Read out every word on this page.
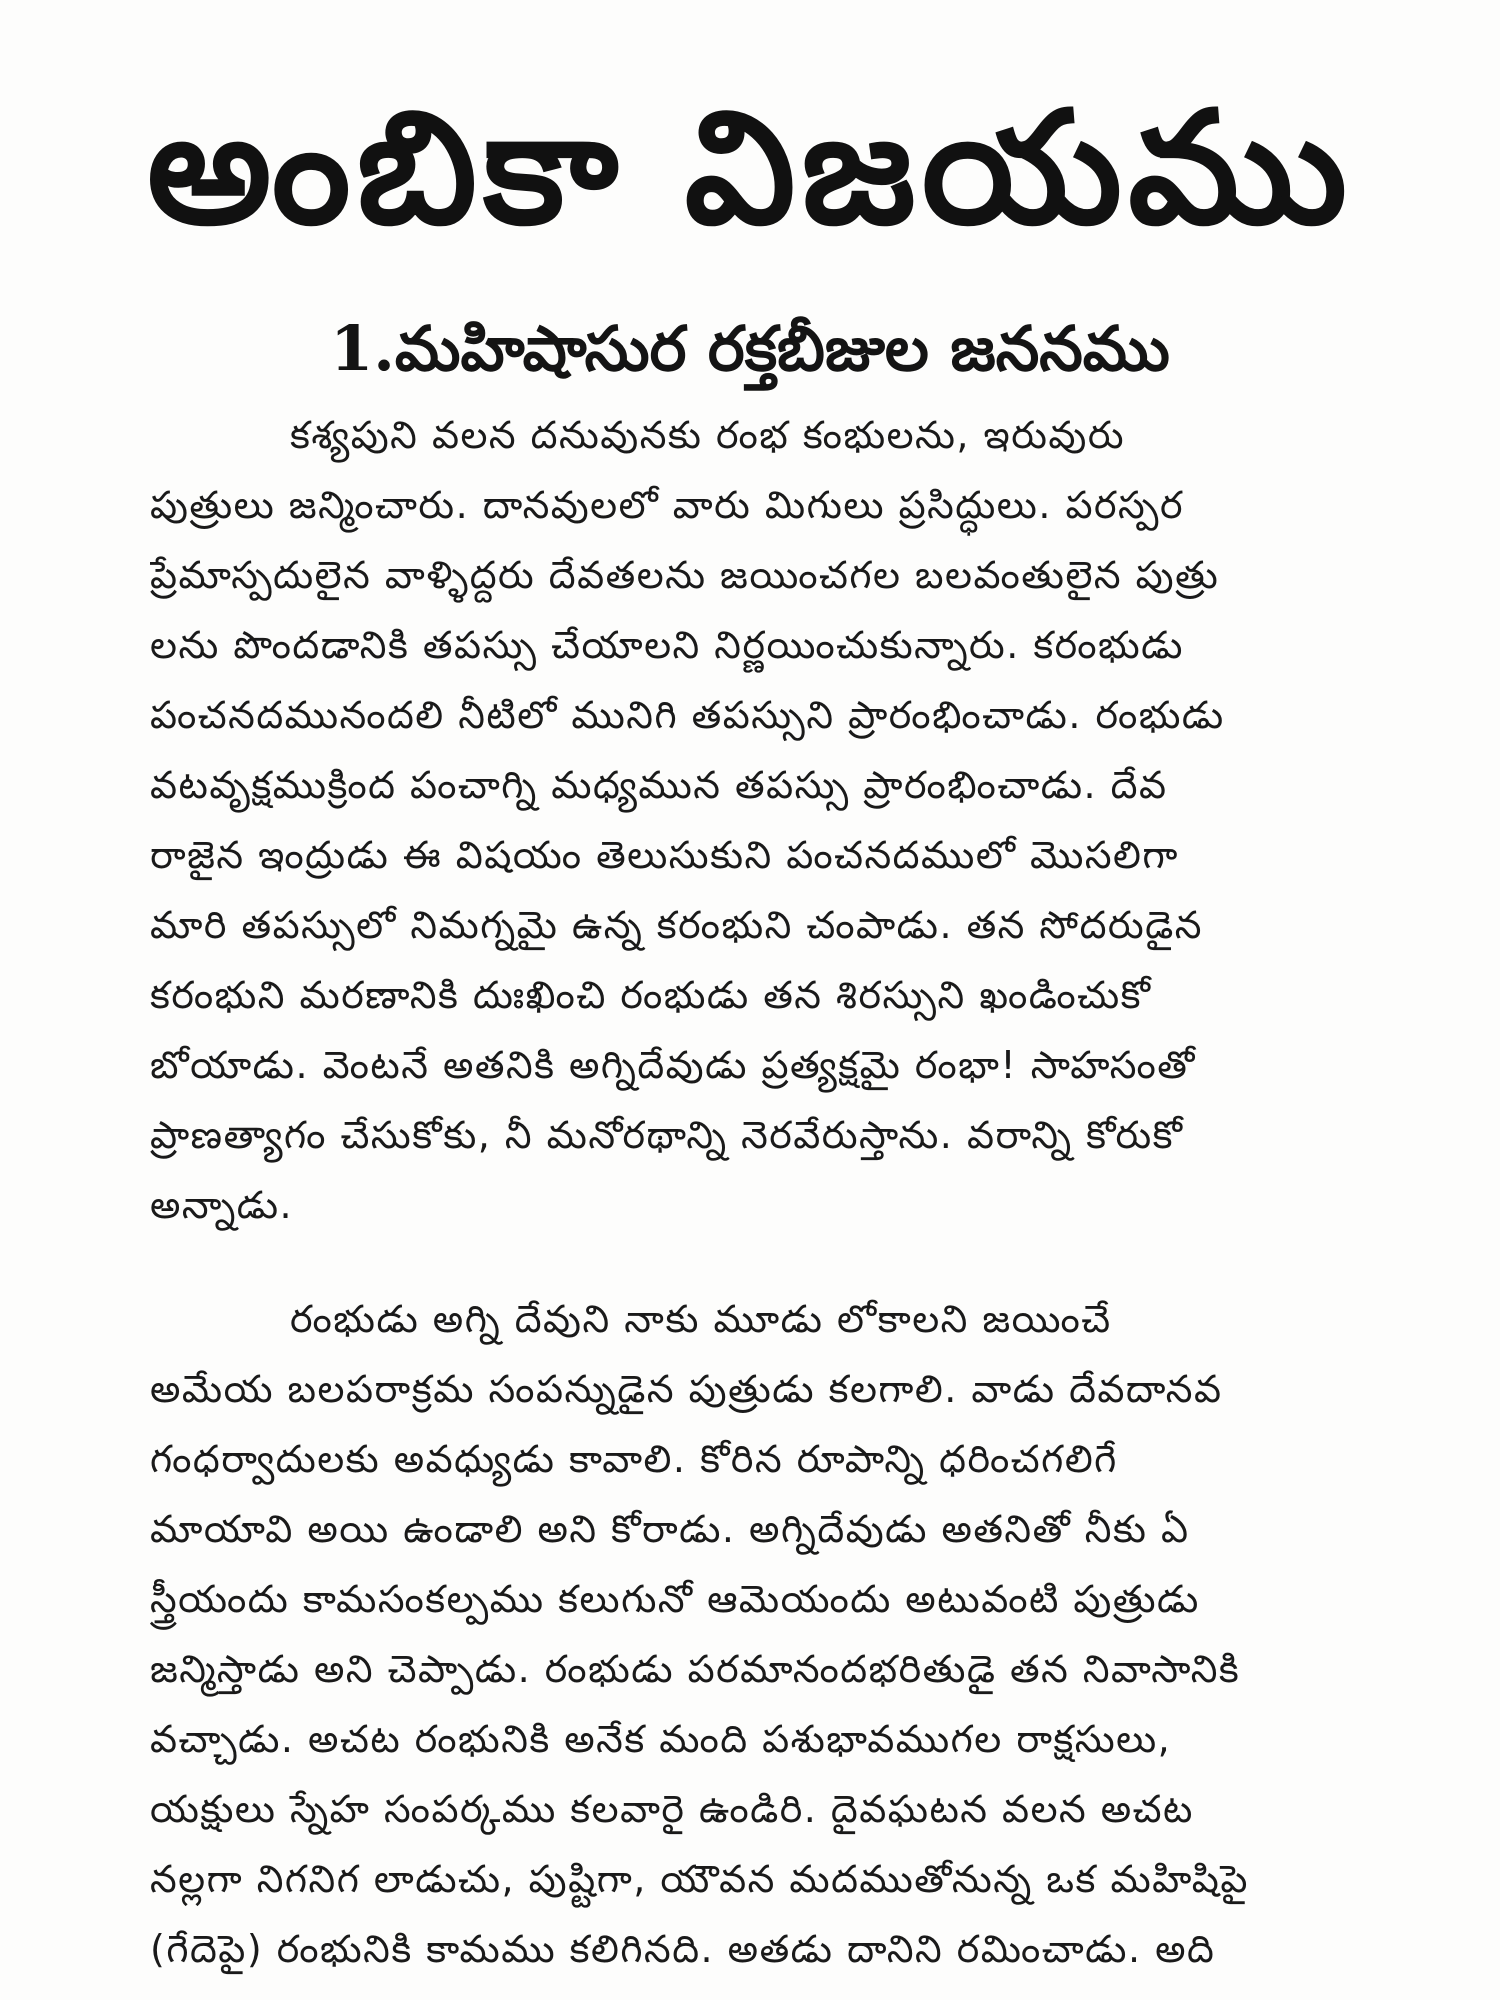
అంబికా విజయము
1.మహిషాసుర రక్తబీజుల జననము
కశ్యపుని వలన దనువునకు రంభ కంభులను, ఇరువురు
పుత్రులు జన్మించారు. దానవులలో వారు మిగులు ప్రసిద్ధులు. పరస్పర
ప్రేమాస్పదులైన వాళ్ళిద్దరు దేవతలను జయించగల బలవంతులైన పుత్రు
లను పొందడానికి తపస్సు చేయాలని నిర్ణయించుకున్నారు. కరంభుడు
పంచనదమునందలి నీటిలో మునిగి తపస్సుని ప్రారంభించాడు. రంభుడు
వటవృక్షముక్రింద పంచాగ్ని మధ్యమున తపస్సు ప్రారంభించాడు. దేవ
రాజైన ఇంద్రుడు ఈ విషయం తెలుసుకుని పంచనదములో మొసలిగా
మారి తపస్సులో నిమగ్నమై ఉన్న కరంభుని చంపాడు. తన సోదరుడైన
కరంభుని మరణానికి దుఃఖించి రంభుడు తన శిరస్సుని ఖండించుకో
బోయాడు. వెంటనే అతనికి అగ్నిదేవుడు ప్రత్యక్షమై రంభా! సాహసంతో
ప్రాణత్యాగం చేసుకోకు, నీ మనోరథాన్ని నెరవేరుస్తాను. వరాన్ని కోరుకో
అన్నాడు.
రంభుడు అగ్ని దేవుని నాకు మూడు లోకాలని జయించే
అమేయ బలపరాక్రమ సంపన్నుడైన పుత్రుడు కలగాలి. వాడు దేవదానవ
గంధర్వాదులకు అవధ్యుడు కావాలి. కోరిన రూపాన్ని ధరించగలిగే
మాయావి అయి ఉండాలి అని కోరాడు. అగ్నిదేవుడు అతనితో నీకు ఏ
స్త్రీయందు కామసంకల్పము కలుగునో ఆమెయందు అటువంటి పుత్రుడు
జన్మిస్తాడు అని చెప్పాడు. రంభుడు పరమానందభరితుడై తన నివాసానికి
వచ్చాడు. అచట రంభునికి అనేక మంది పశుభావముగల రాక్షసులు,
యక్షులు స్నేహ సంపర్కము కలవారై ఉండిరి. దైవఘటన వలన అచట
నల్లగా నిగనిగ లాడుచు, పుష్టిగా, యౌవన మదముతోనున్న ఒక మహిషిపై
(గేదెపై) రంభునికి కామము కలిగినది. అతడు దానిని రమించాడు. అది
